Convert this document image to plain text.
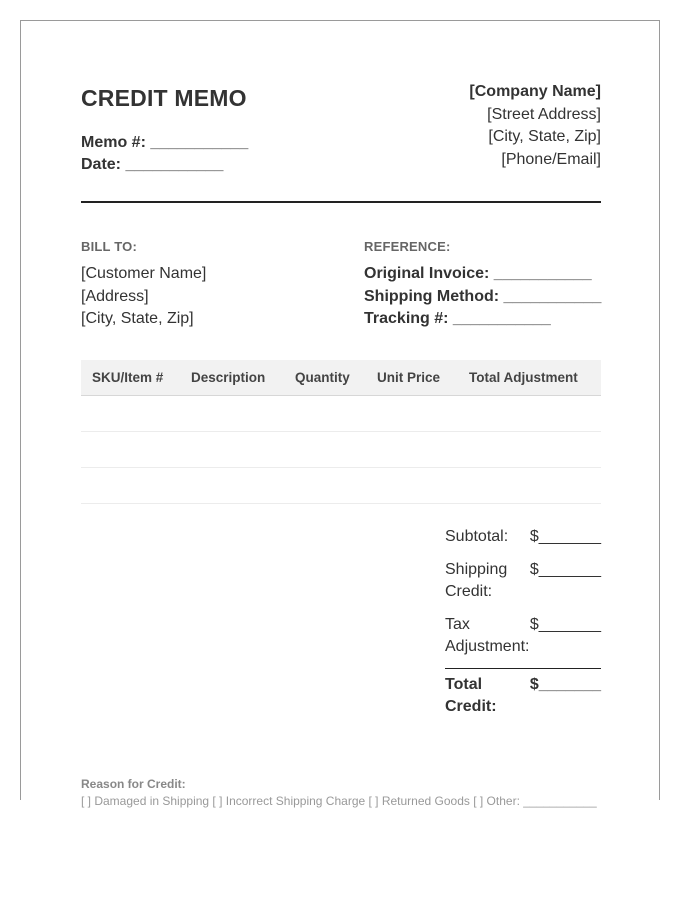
CREDIT MEMO
Memo #: ___________
Date: ___________
[Company Name]
[Street Address]
[City, State, Zip]
[Phone/Email]
BILL TO:
[Customer Name]
[Address]
[City, State, Zip]
REFERENCE:
Original Invoice: ___________
Shipping Method: ___________
Tracking #: ___________
SKU/Item #	Description	Quantity	Unit Price	Total Adjustment
Subtotal:	$_______
Shipping Credit:
$_______
Tax Adjustment:
$_______
Total Credit:
$_______
Reason for Credit:
[ ] Damaged in Shipping [ ] Incorrect Shipping Charge [ ] Returned Goods [ ] Other: ___________
